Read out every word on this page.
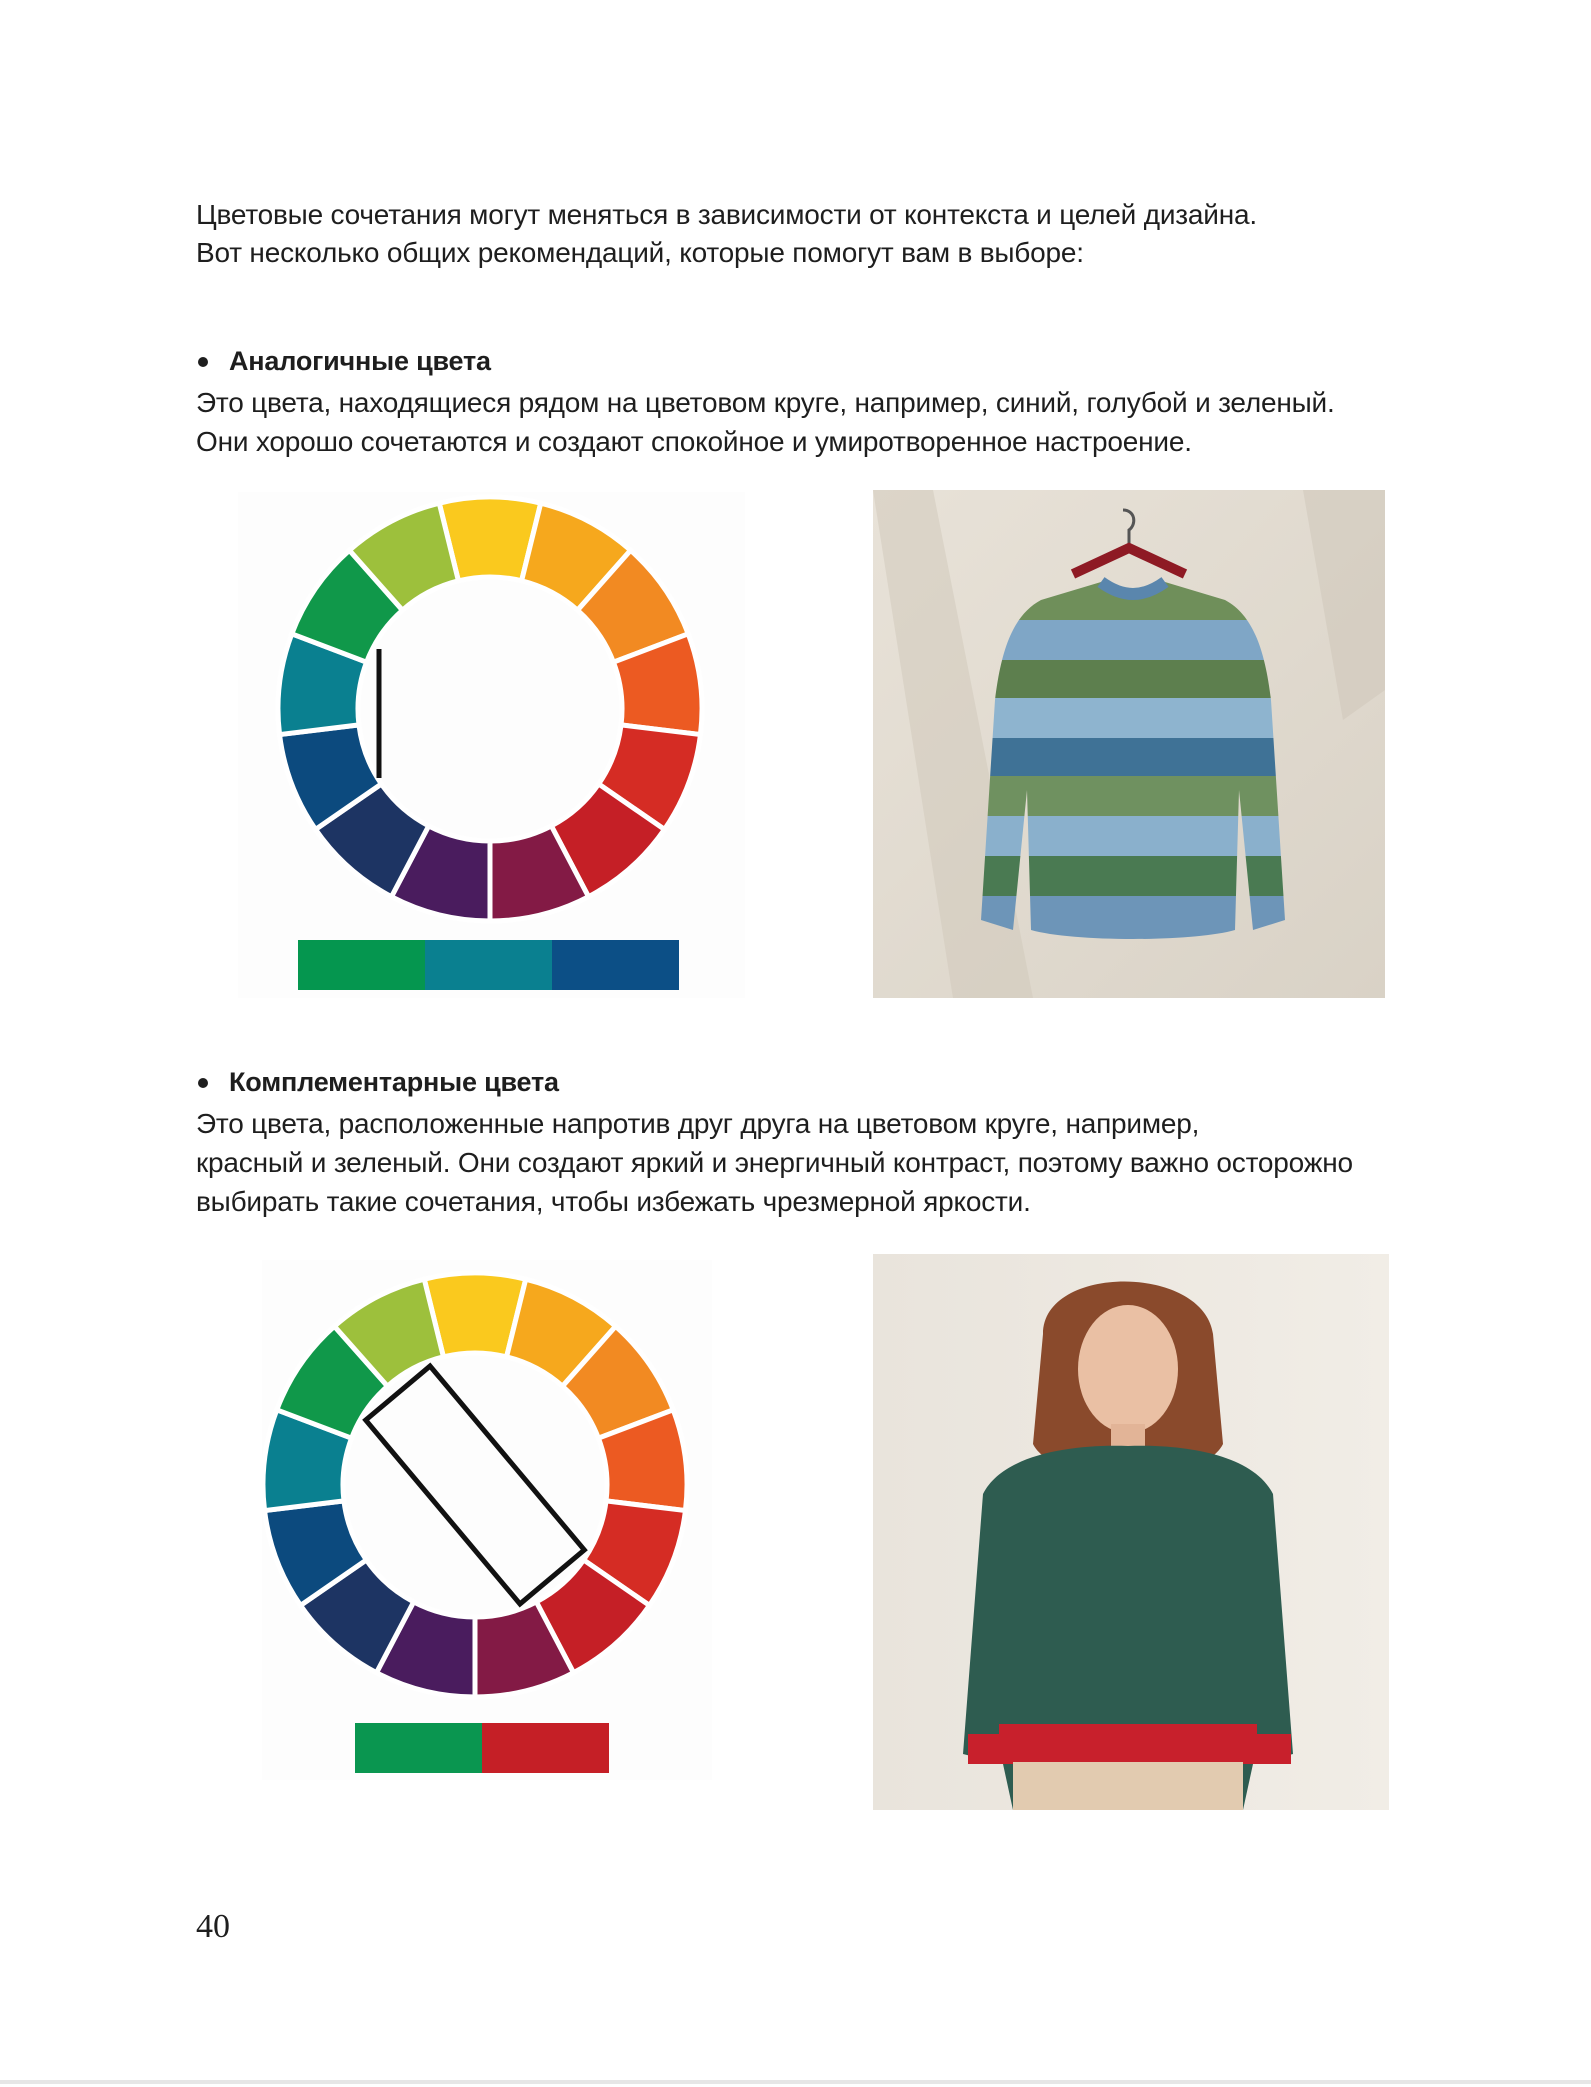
Цветовые сочетания могут меняться в зависимости от контекста и целей дизайна.

Вот несколько общих рекомендаций, которые помогут вам в выборе:

Аналогичные цвета

Это цвета, находящиеся рядом на цветовом круге, например, синий, голубой и зеленый.

Они хорошо сочетаются и создают спокойное и умиротворенное настроение.

Комплементарные цвета

Это цвета, расположенные напротив друг друга на цветовом круге, например,

красный и зеленый. Они создают яркий и энергичный контраст, поэтому важно осторожно

выбирать такие сочетания, чтобы избежать чрезмерной яркости.

40
